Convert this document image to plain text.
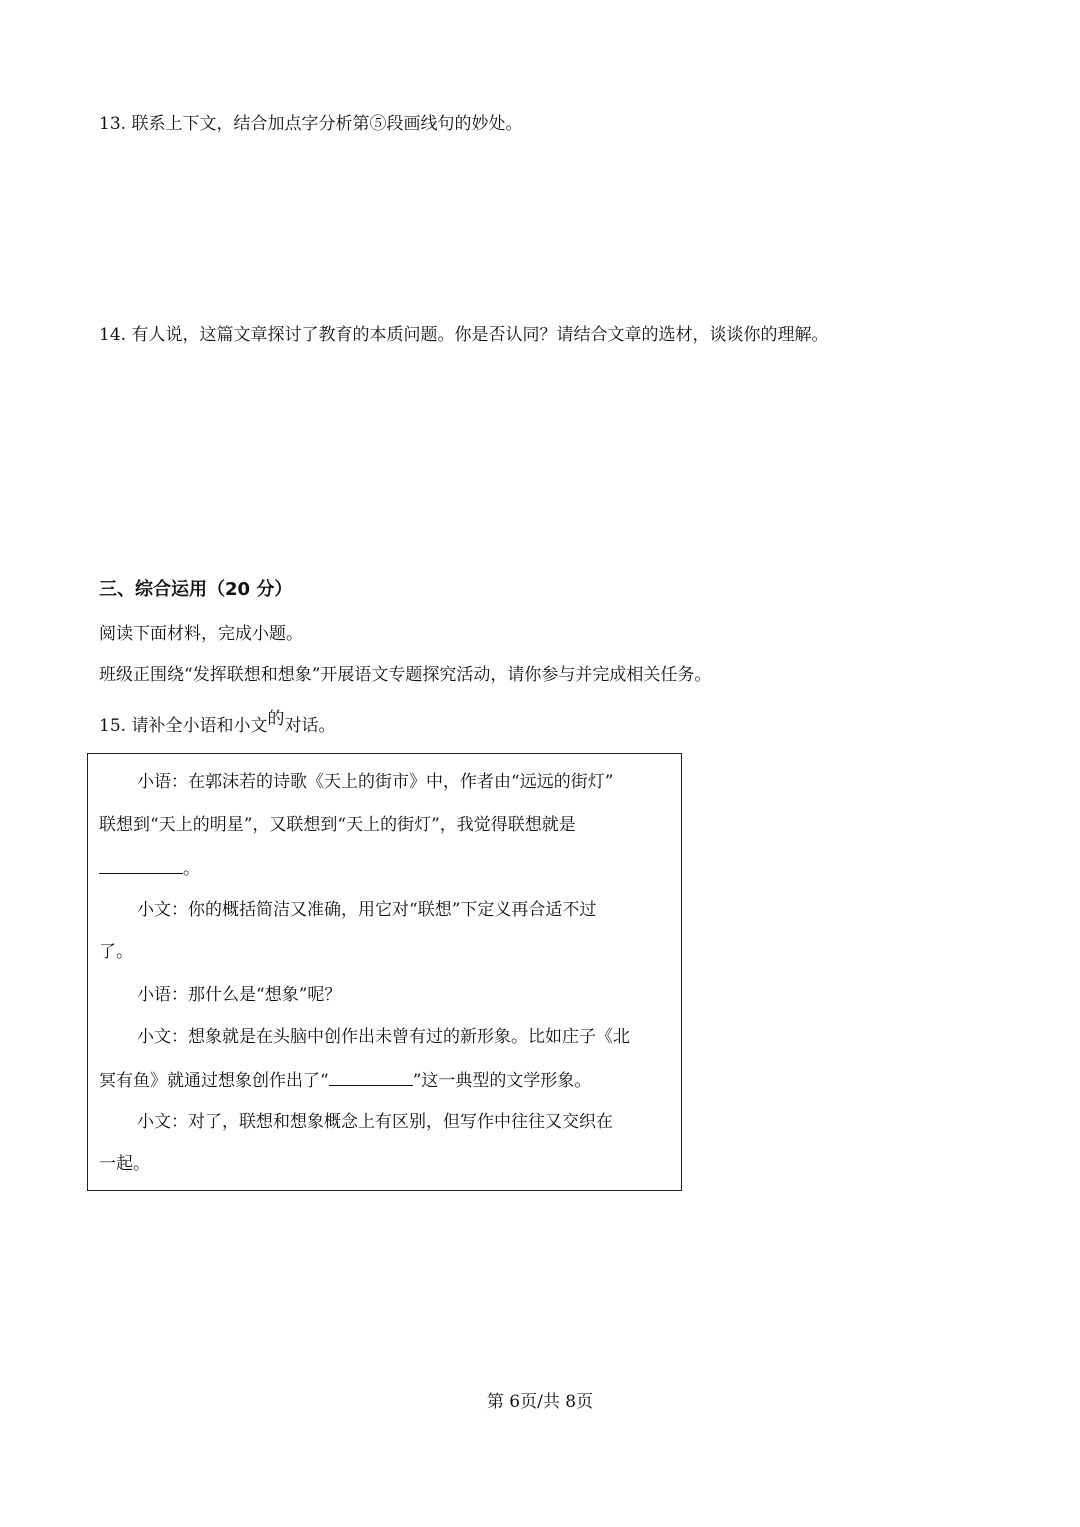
13. 联系上下文，结合加点字分析第⑤段画线句的妙处。
14. 有人说，这篇文章探讨了教育的本质问题。你是否认同？请结合文章的选材，谈谈你的理解。
三、综合运用（20 分）
阅读下面材料，完成小题。
班级正围绕“发挥联想和想象”开展语文专题探究活动，请你参与并完成相关任务。
15. 请补全小语和小文的对话。
小语：在郭沫若的诗歌《天上的街市》中，作者由“远远的街灯”
联想到“天上的明星”，又联想到“天上的街灯”，我觉得联想就是
。
小文：你的概括简洁又准确，用它对“联想”下定义再合适不过
了。
小语：那什么是“想象”呢？
小文：想象就是在头脑中创作出未曾有过的新形象。比如庄子《北
冥有鱼》就通过想象创作出了“	”这一典型的文学形象。
小文：对了，联想和想象概念上有区别，但写作中往往又交织在
一起。
第 6页/共 8页
